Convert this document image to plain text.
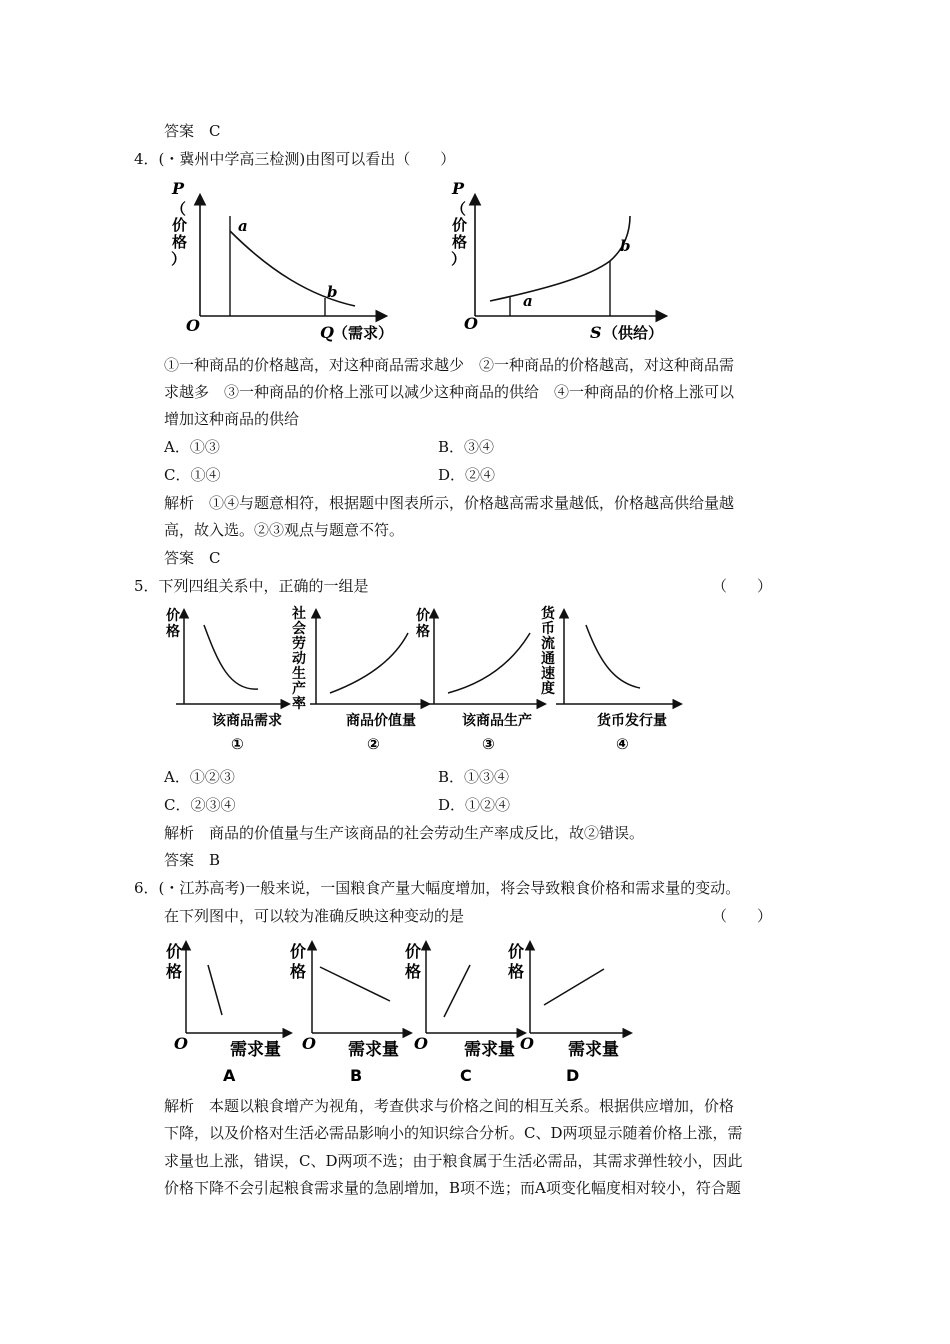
答案　C
4．(・冀州中学高三检测)由图可以看出（　　）
P
（
价
格
）
a
b
O	Q （需求）
P
（
价
格
）
a
b
O	S （供给）
①一种商品的价格越高，对这种商品需求越少　②一种商品的价格越高，对这种商品需
求越多　③一种商品的价格上涨可以减少这种商品的供给　④一种商品的价格上涨可以
增加这种商品的供给
A．①③	B．③④
C．①④	D．②④
解析　①④与题意相符，根据题中图表所示，价格越高需求量越低，价格越高供给量越
高，故入选。②③观点与题意不符。
答案　C
5．下列四组关系中，正确的一组是	（　　）
价
格
该商品需求
①
社
会
劳
动
生
产
率
商品价值量
②
价
格
该商品生产
③
货
币
流
通
速
度
货币发行量
④
A．①②③	B．①③④
C．②③④	D．①②④
解析　商品的价值量与生产该商品的社会劳动生产率成反比，故②错误。
答案　B
6．(・江苏高考)一般来说，一国粮食产量大幅度增加，将会导致粮食价格和需求量的变动。
在下列图中，可以较为准确反映这种变动的是	（　　）
价
格
O 需求量
A
价
格
O 需求量
B
价
格
O 需求量
C
价
格
O 需求量
D
解析　本题以粮食增产为视角，考查供求与价格之间的相互关系。根据供应增加，价格
下降，以及价格对生活必需品影响小的知识综合分析。C、D两项显示随着价格上涨，需
求量也上涨，错误，C、D两项不选；由于粮食属于生活必需品，其需求弹性较小，因此
价格下降不会引起粮食需求量的急剧增加，B项不选；而A项变化幅度相对较小，符合题
